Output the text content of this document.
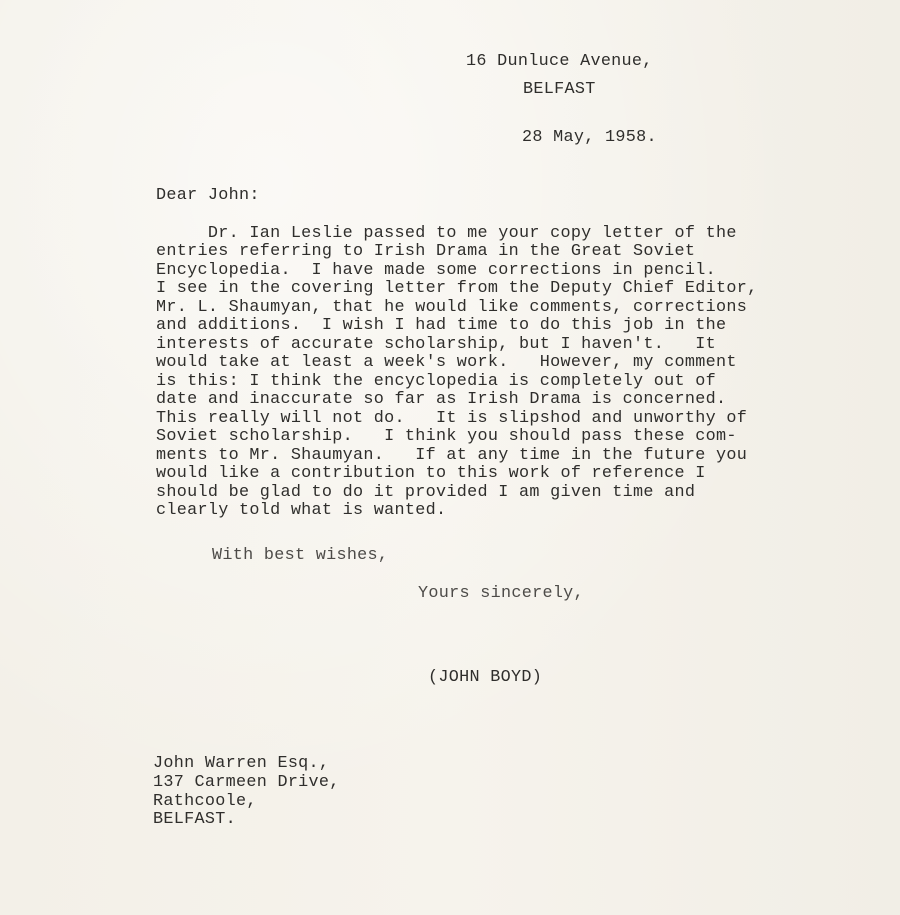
16 Dunluce Avenue,

BELFAST

28 May, 1958.

Dear John:

Dr. Ian Leslie passed to me your copy letter of the

entries referring to Irish Drama in the Great Soviet

Encyclopedia.  I have made some corrections in pencil.

I see in the covering letter from the Deputy Chief Editor,

Mr. L. Shaumyan, that he would like comments, corrections

and additions.  I wish I had time to do this job in the

interests of accurate scholarship, but I haven't.   It

would take at least a week's work.   However, my comment

is this: I think the encyclopedia is completely out of

date and inaccurate so far as Irish Drama is concerned.

This really will not do.   It is slipshod and unworthy of

Soviet scholarship.   I think you should pass these com-

ments to Mr. Shaumyan.   If at any time in the future you

would like a contribution to this work of reference I

should be glad to do it provided I am given time and

clearly told what is wanted.

With best wishes,

Yours sincerely,

(JOHN BOYD)

John Warren Esq.,

137 Carmeen Drive,

Rathcoole,

BELFAST.
